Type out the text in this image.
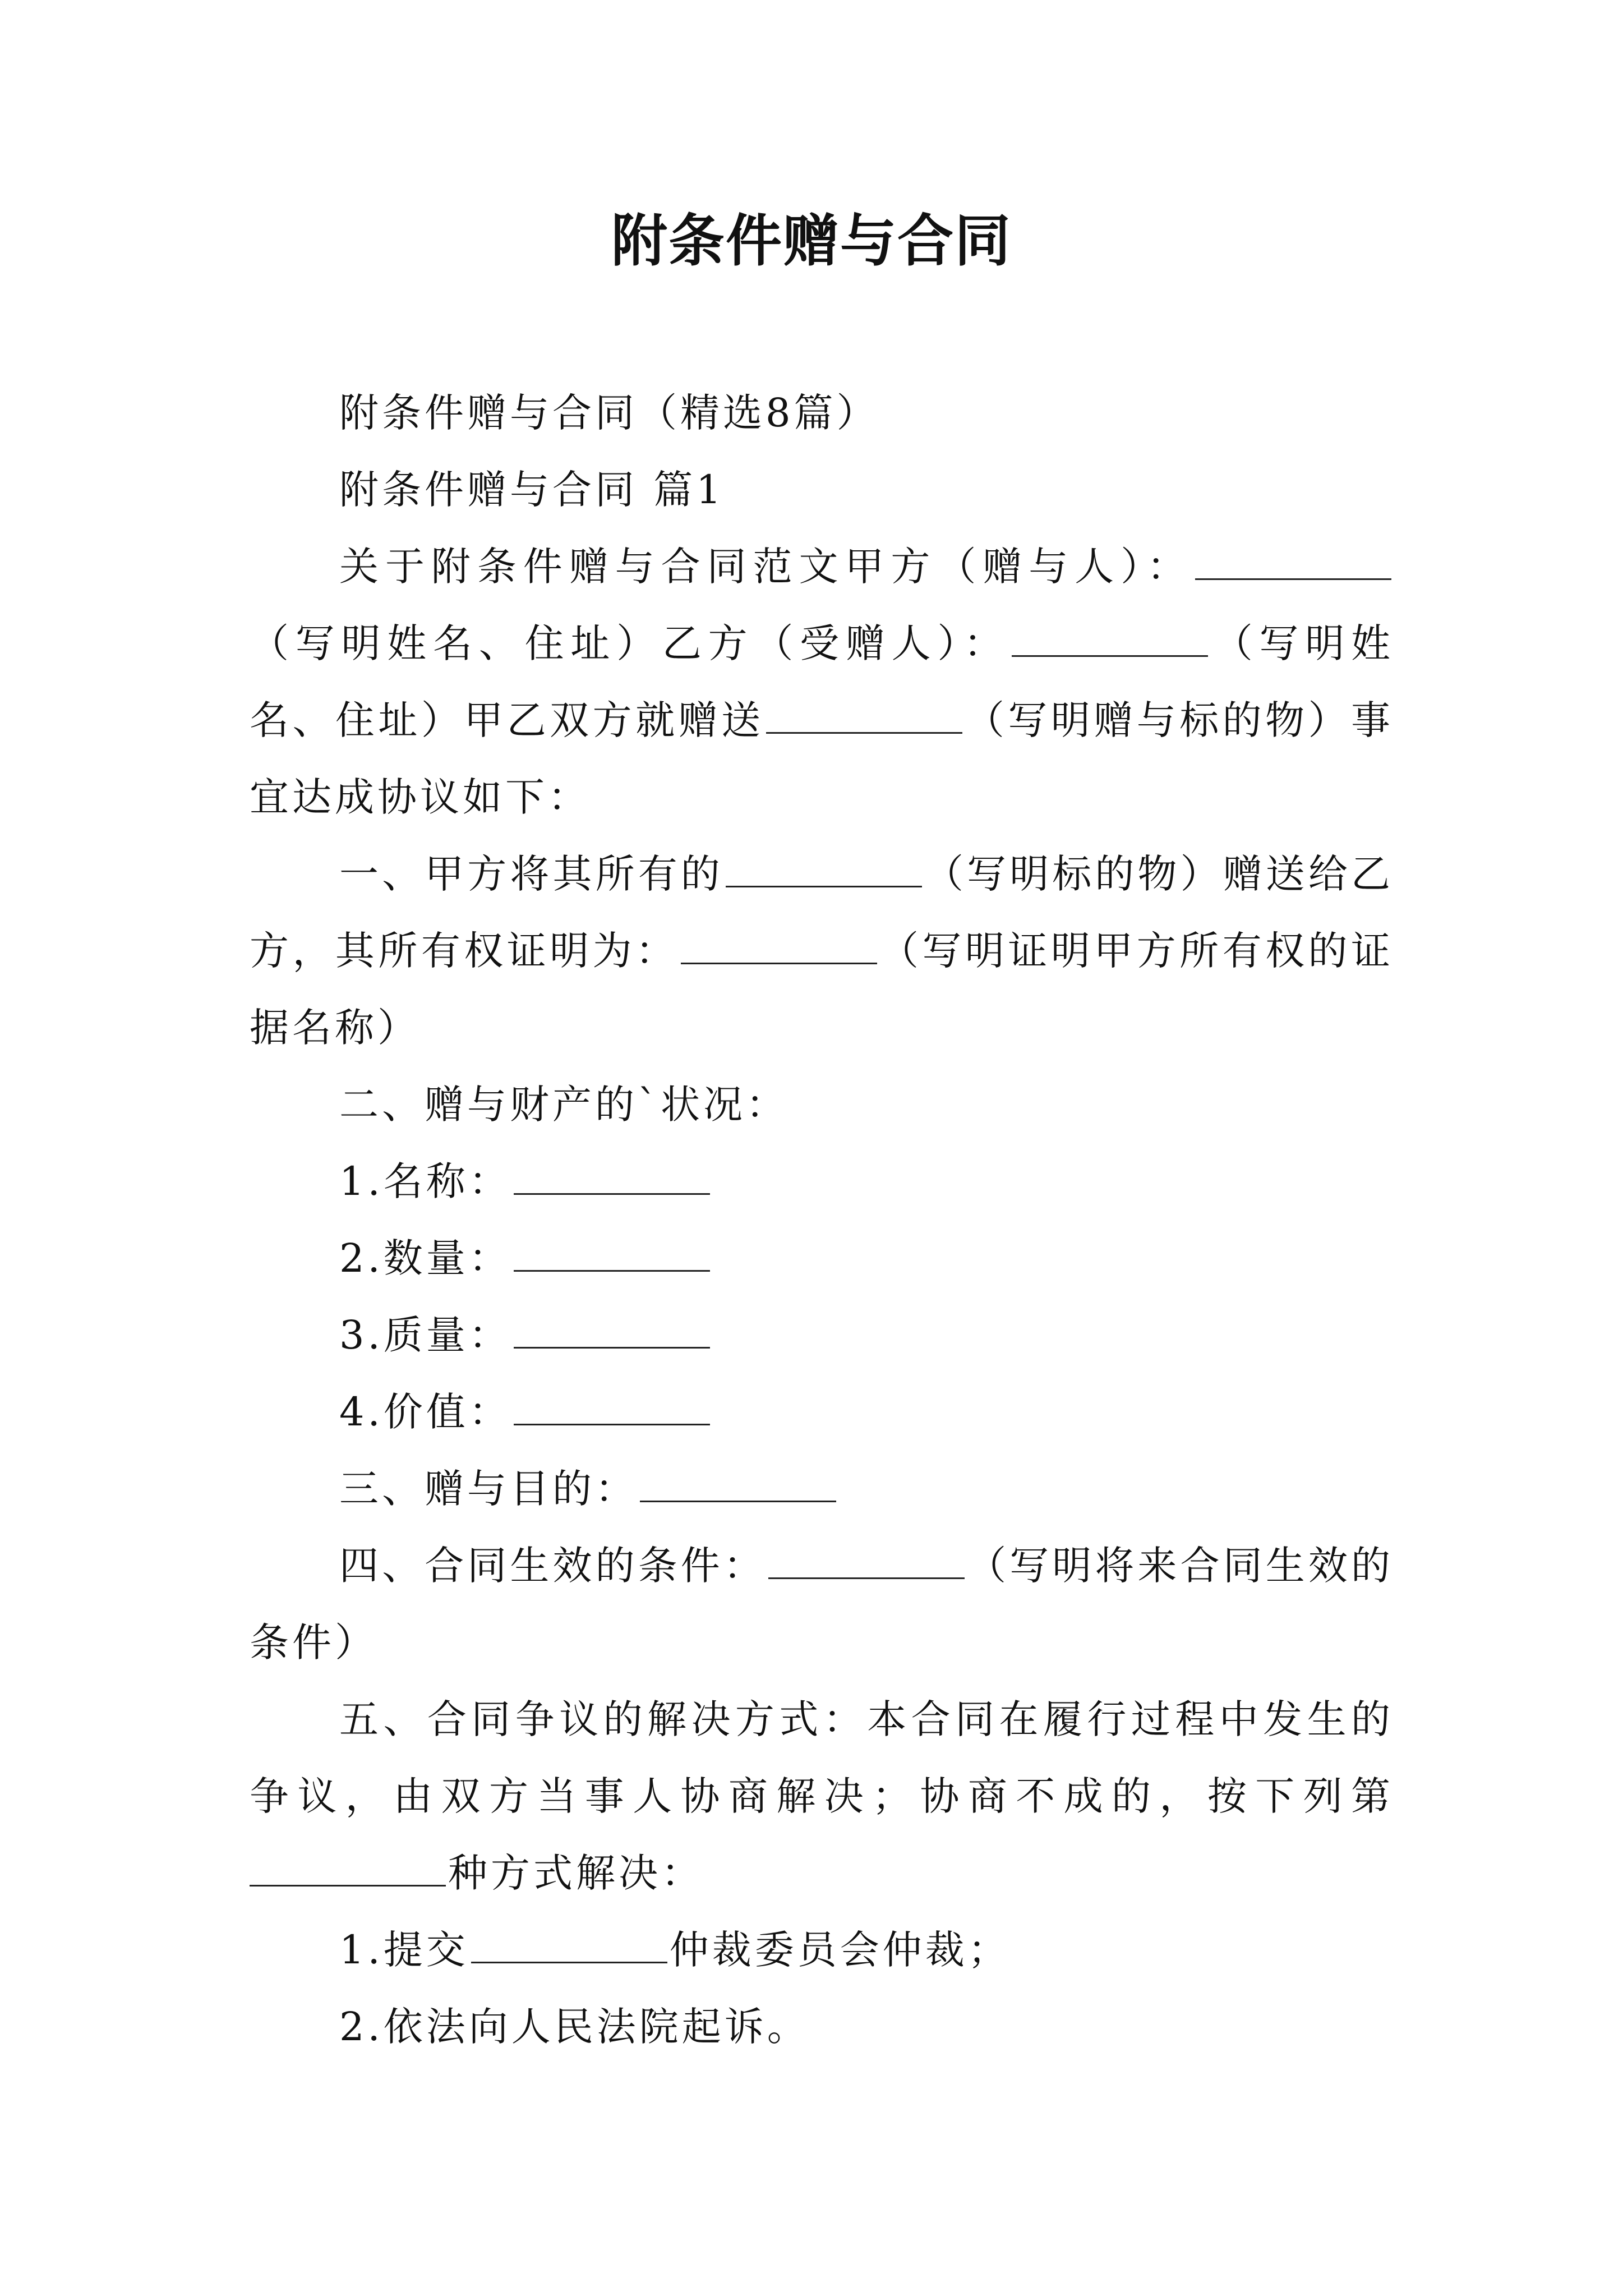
附条件赠与合同

附条件赠与合同（精选8篇）

附条件赠与合同 篇1

关于附条件赠与合同范文甲方（赠与人）：（写明姓名、住址）乙方（受赠人）：	（写明姓名、住址）甲乙双方就赠送	（写明赠与标的物）事宜达成协议如下：

一、甲方将其所有的	（写明标的物）赠送给乙方，其所有权证明为：	（写明证明甲方所有权的证据名称）

二、赠与财产的`状况：

1.名称：

2.数量：

3.质量：

4.价值：

三、赠与目的：

四、合同生效的条件：	（写明将来合同生效的条件）

五、合同争议的解决方式：本合同在履行过程中发生的争议，由双方当事人协商解决；协商不成的，按下列第种方式解决：

1.提交	仲裁委员会仲裁；

2.依法向人民法院起诉。
